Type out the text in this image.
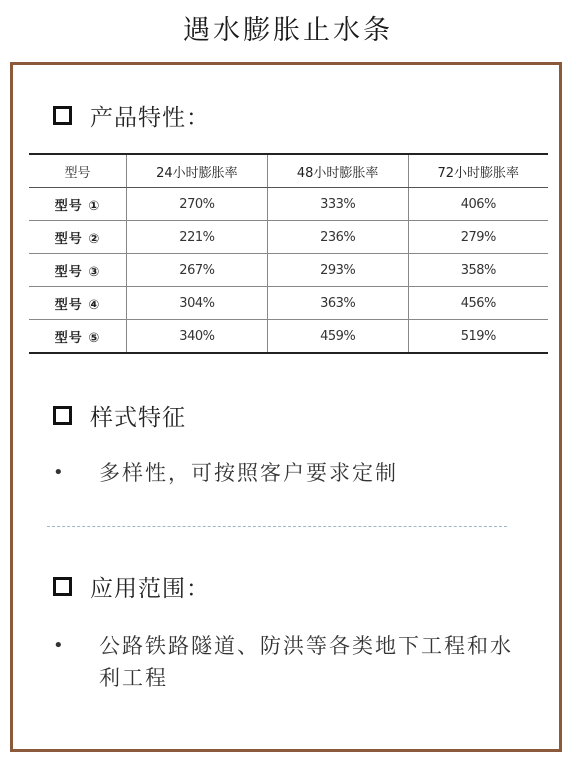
遇水膨胀止水条
产品特性：
型号	24小时膨胀率	48小时膨胀率	72小时膨胀率
型号 ①	270%	333%	406%
型号 ②	221%	236%	279%
型号 ③	267%	293%	358%
型号 ④	304%	363%	456%
型号 ⑤	340%	459%	519%
样式特征
•	多样性，可按照客户要求定制
应用范围：
•	公路铁路隧道、防洪等各类地下工程和水利工程
